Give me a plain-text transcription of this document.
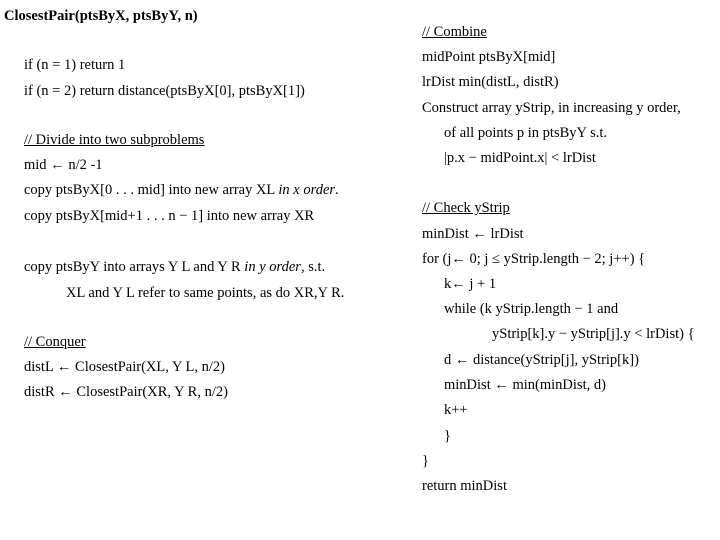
ClosestPair(ptsByX, ptsByY, n)
if (n = 1) return 1
if (n = 2) return distance(ptsByX[0], ptsByX[1])
// Divide into two subproblems
mid ← n/2 -1
copy ptsByX[0 . . . mid] into new array XL in x order.
copy ptsByX[mid+1 . . . n − 1] into new array XR
copy ptsByY into arrays Y L and Y R in y order, s.t.
XL and Y L refer to same points, as do XR,Y R.
// Conquer
distL ← ClosestPair(XL, Y L, n/2)
distR ← ClosestPair(XR, Y R, n/2)
// Combine
midPoint ptsByX[mid]
lrDist min(distL, distR)
Construct array yStrip, in increasing y order,
of all points p in ptsByY s.t.
|p.x − midPoint.x| < lrDist
// Check yStrip
minDist ← lrDist
for (j← 0; j ≤ yStrip.length − 2; j++) {
k← j + 1
while (k yStrip.length − 1 and
yStrip[k].y − yStrip[j].y < lrDist) {
d ← distance(yStrip[j], yStrip[k])
minDist ← min(minDist, d)
k++
}
}
return minDist
